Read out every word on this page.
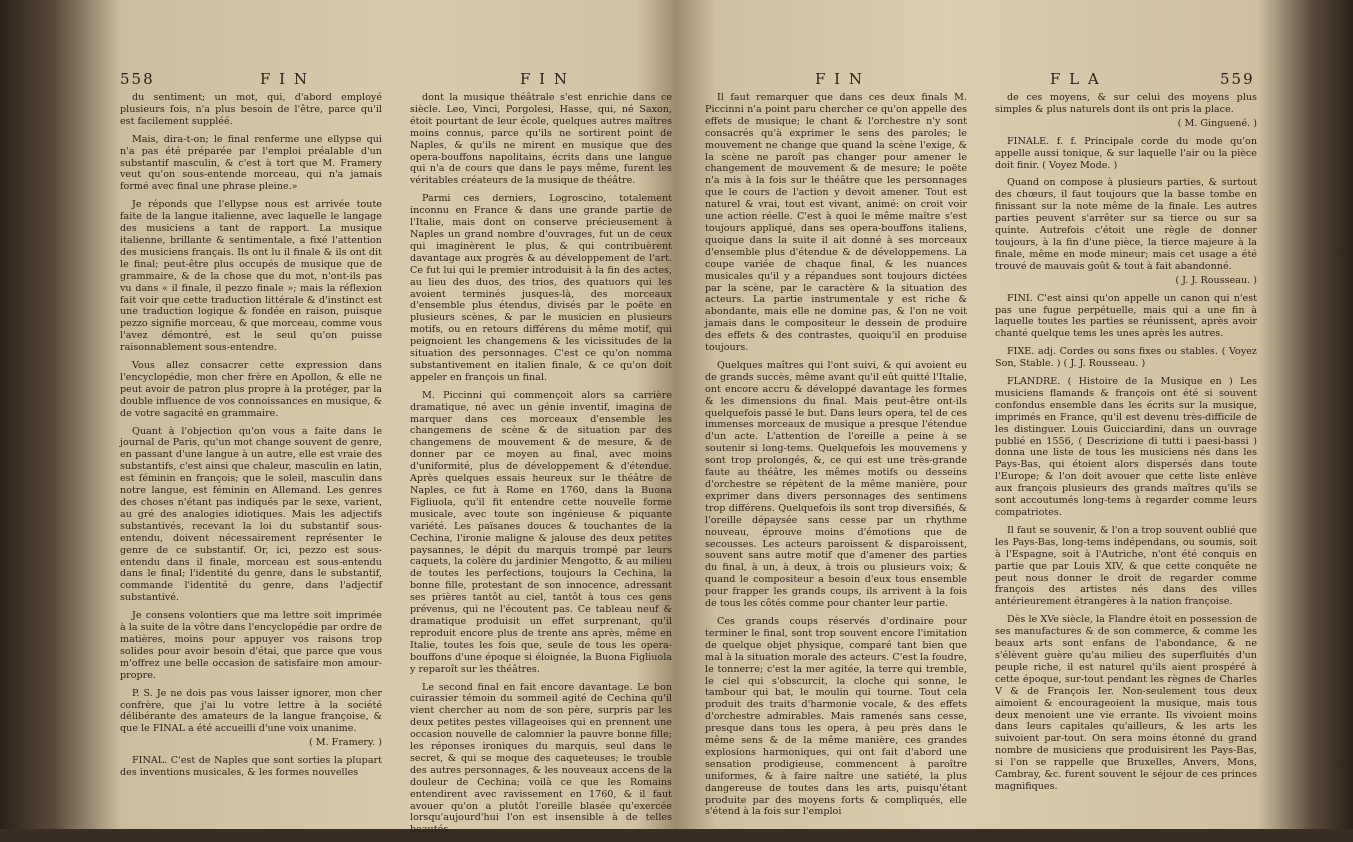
558	F I N	F I N

du sentiment; un mot, qui, d'abord employé plusieurs fois, n'a plus besoin de l'être, parce qu'il est facilement suppléé.

Mais, dira-t-on; le final renferme une ellypse qui n'a pas été préparée par l'emploi préalable d'un substantif masculin, & c'est à tort que M. Framery veut qu'on sous-entende morceau, qui n'a jamais formé avec final une phrase pleine.»

Je réponds que l'ellypse nous est arrivée toute faite de la langue italienne, avec laquelle le langage des musiciens a tant de rapport. La musique italienne, brillante & sentimentale, a fixé l'attention des musiciens français. Ils ont lu il finale & ils ont dit le final; peut-être plus occupés de musique que de grammaire, & de la chose que du mot, n'ont-ils pas vu dans « il finale, il pezzo finale »; mais la réflexion fait voir que cette traduction littérale & d'instinct est une traduction logique & fondée en raison, puisque pezzo signifie morceau, & que morceau, comme vous l'avez démontré, est le seul qu'on puisse raisonnablement sous-entendre.

Vous allez consacrer cette expression dans l'encyclopédie, mon cher frère en Apollon, & elle ne peut avoir de patron plus propre à la protéger, par la double influence de vos connoissances en musique, & de votre sagacité en grammaire.

Quant à l'objection qu'on vous a faite dans le journal de Paris, qu'un mot change souvent de genre, en passant d'une langue à un autre, elle est vraie des substantifs, c'est ainsi que chaleur, masculin en latin, est féminin en françois; que le soleil, masculin dans notre langue, est féminin en Allemand. Les genres des choses n'étant pas indiqués par le sexe, varient, au gré des analogies idiotiques. Mais les adjectifs substantivés, recevant la loi du substantif sous-entendu, doivent nécessairement représenter le genre de ce substantif. Or, ici, pezzo est sous-entendu dans il finale, morceau est sous-entendu dans le final; l'identité du genre, dans le substantif, commande l'identité du genre, dans l'adjectif substantivé.

Je consens volontiers que ma lettre soit imprimée à la suite de la vôtre dans l'encyclopédie par ordre de matières, moins pour appuyer vos raisons trop solides pour avoir besoin d'étai, que parce que vous m'offrez une belle occasion de satisfaire mon amour-propre.

P. S. Je ne dois pas vous laisser ignorer, mon cher confrère, que j'ai lu votre lettre à la société délibérante des amateurs de la langue françoise, & que le FINAL a été accueilli d'une voix unanime.

( M. Framery. )

FINAL. C'est de Naples que sont sorties la plupart des inventions musicales, & les formes nouvelles

dont la musique théâtrale s'est enrichie dans ce siècle. Leo, Vinci, Porgolesi, Hasse, qui, né Saxon, étoit pourtant de leur école, quelques autres maîtres moins connus, parce qu'ils ne sortirent point de Naples, & qu'ils ne mirent en musique que des opera-bouffons napolitains, écrits dans une langue qui n'a de cours que dans le pays même, furent les véritables créateurs de la musique de théâtre.

Parmi ces derniers, Logroscino, totalement inconnu en France & dans une grande partie de l'Italie, mais dont on conserve précieusement à Naples un grand nombre d'ouvrages, fut un de ceux qui imaginèrent le plus, & qui contribuèrent davantage aux progrès & au développement de l'art. Ce fut lui qui le premier introduisit à la fin des actes, au lieu des duos, des trios, des quatuors qui les avoient terminés jusques-là, des morceaux d'ensemble plus étendus, divisés par le poëte en plusieurs scènes, & par le musicien en plusieurs motifs, ou en retours différens du même motif, qui peignoient les changemens & les vicissitudes de la situation des personnages. C'est ce qu'on nomma substantivement en italien finale, & ce qu'on doit appeler en françois un final.

M. Piccinni qui commençoit alors sa carrière dramatique, né avec un génie inventif, imagina de marquer dans ces morceaux d'ensemble les changemens de scène & de situation par des changemens de mouvement & de mesure, & de donner par ce moyen au final, avec moins d'uniformité, plus de développement & d'étendue. Après quelques essais heureux sur le théâtre de Naples, ce fut à Rome en 1760, dans la Buona Figliuola, qu'il fit entendre cette nouvelle forme musicale, avec toute son ingénieuse & piquante variété. Les païsanes douces & touchantes de la Cechina, l'ironie maligne & jalouse des deux petites paysannes, le dépit du marquis trompé par leurs caquets, la colère du jardinier Mengotto, & au milieu de toutes les perfections, toujours la Cechina, la bonne fille, protestant de son innocence, adressant ses prières tantôt au ciel, tantôt à tous ces gens prévenus, qui ne l'écoutent pas. Ce tableau neuf & dramatique produisit un effet surprenant, qu'il reproduit encore plus de trente ans après, même en Italie, toutes les fois que, seule de tous les opera-bouffons d'une époque si éloignée, la Buona Figliuola y reparoît sur les théâtres.

Le second final en fait encore davantage. Le bon cuirassier témoin du sommeil agité de Cechina qu'il vient chercher au nom de son père, surpris par les deux petites pestes villageoises qui en prennent une occasion nouvelle de calomnier la pauvre bonne fille; les réponses ironiques du marquis, seul dans le secret, & qui se moque des caqueteuses; le trouble des autres personnages, & les nouveaux accens de la douleur de Cechina; voilà ce que les Romains entendirent avec ravissement en 1760, & il faut avouer qu'on a plutôt l'oreille blasée qu'exercée lorsqu'aujourd'hui l'on est insensible à de telles beautés.

F I N	F L A	559

Il faut remarquer que dans ces deux finals M. Piccinni n'a point paru chercher ce qu'on appelle des effets de musique; le chant & l'orchestre n'y sont consacrés qu'à exprimer le sens des paroles; le mouvement ne change que quand la scène l'exige, & la scène ne paroît pas changer pour amener le changement de mouvement & de mesure; le poëte n'a mis à la fois sur le théâtre que les personnages que le cours de l'action y devoit amener. Tout est naturel & vrai, tout est vivant, animé: on croit voir une action réelle. C'est à quoi le même maître s'est toujours appliqué, dans ses opera-bouffons italiens, quoique dans la suite il ait donné à ses morceaux d'ensemble plus d'étendue & de développemens. La coupe variée de chaque final, & les nuances musicales qu'il y a répandues sont toujours dictées par la scène, par le caractère & la situation des acteurs. La partie instrumentale y est riche & abondante, mais elle ne domine pas, & l'on ne voit jamais dans le compositeur le dessein de produire des effets & des contrastes, quoiqu'il en produise toujours.

Quelques maîtres qui l'ont suivi, & qui avoient eu de grands succès, même avant qu'il eût quitté l'Italie, ont encore accru & développé davantage les formes & les dimensions du final. Mais peut-être ont-ils quelquefois passé le but. Dans leurs opera, tel de ces immenses morceaux de musique a presque l'étendue d'un acte. L'attention de l'oreille a peine à se soutenir si long-tems. Quelquefois les mouvemens y sont trop prolongés, &, ce qui est une très-grande faute au théâtre, les mêmes motifs ou desseins d'orchestre se répètent de la même manière, pour exprimer dans divers personnages des sentimens trop différens. Quelquefois ils sont trop diversifiés, & l'oreille dépaysée sans cesse par un rhythme nouveau, éprouve moins d'émotions que de secousses. Les acteurs paroissent & disparoissent, souvent sans autre motif que d'amener des parties du final, à un, à deux, à trois ou plusieurs voix; & quand le compositeur a besoin d'eux tous ensemble pour frapper les grands coups, ils arrivent à la fois de tous les côtés comme pour chanter leur partie.

Ces grands coups réservés d'ordinaire pour terminer le final, sont trop souvent encore l'imitation de quelque objet physique, comparé tant bien que mal à la situation morale des acteurs. C'est la foudre, le tonnerre; c'est la mer agitée, la terre qui tremble, le ciel qui s'obscurcit, la cloche qui sonne, le tambour qui bat, le moulin qui tourne. Tout cela produit des traits d'harmonie vocale, & des effets d'orchestre admirables. Mais ramenés sans cesse, presque dans tous les opera, à peu près dans le même sens & de la même manière, ces grandes explosions harmoniques, qui ont fait d'abord une sensation prodigieuse, commencent à paroître uniformes, & à faire naître une satiété, la plus dangereuse de toutes dans les arts, puisqu'étant produite par des moyens forts & compliqués, elle s'étend à la fois sur l'emploi

de ces moyens, & sur celui des moyens plus simples & plus naturels dont ils ont pris la place.

( M. Ginguené. )

FINALE. f. f. Principale corde du mode qu'on appelle aussi tonique, & sur laquelle l'air ou la pièce doit finir. ( Voyez Mode. )

Quand on compose à plusieurs parties, & surtout des chœurs, il faut toujours que la basse tombe en finissant sur la note même de la finale. Les autres parties peuvent s'arrêter sur sa tierce ou sur sa quinte. Autrefois c'étoit une règle de donner toujours, à la fin d'une pièce, la tierce majeure à la finale, même en mode mineur; mais cet usage a été trouvé de mauvais goût & tout à fait abandonné.

( J. J. Rousseau. )

FINI. C'est ainsi qu'on appelle un canon qui n'est pas une fugue perpétuelle, mais qui a une fin à laquelle toutes les parties se réunissent, après avoir chanté quelque tems les unes après les autres.

FIXE. adj. Cordes ou sons fixes ou stables. ( Voyez Son, Stable. ) ( J. J. Rousseau. )

FLANDRE. ( Histoire de la Musique en ) Les musiciens flamands & françois ont été si souvent confondus ensemble dans les écrits sur la musique, imprimés en France, qu'il est devenu très-difficile de les distinguer. Louis Guicciardini, dans un ouvrage publié en 1556, ( Descrizione di tutti i paesi-bassi ) donna une liste de tous les musiciens nés dans les Pays-Bas, qui étoient alors dispersés dans toute l'Europe; & l'on doit avouer que cette liste enlève aux françois plusieurs des grands maîtres qu'ils se sont accoutumés long-tems à regarder comme leurs compatriotes.

Il faut se souvenir, & l'on a trop souvent oublié que les Pays-Bas, long-tems indépendans, ou soumis, soit à l'Espagne, soit à l'Autriche, n'ont été conquis en partie que par Louis XIV, & que cette conquête ne peut nous donner le droit de regarder comme françois des artistes nés dans des villes antérieurement étrangères à la nation françoise.

Dès le XVe siècle, la Flandre étoit en possession de ses manufactures & de son commerce, & comme les beaux arts sont enfans de l'abondance, & ne s'élèvent guère qu'au milieu des superfluités d'un peuple riche, il est naturel qu'ils aient prospéré à cette époque, sur-tout pendant les règnes de Charles V & de François Ier. Non-seulement tous deux aimoient & encourageoient la musique, mais tous deux menoient une vie errante. Ils vivoient moins dans leurs capitales qu'ailleurs, & les arts les suivoient par-tout. On sera moins étonné du grand nombre de musiciens que produisirent les Pays-Bas, si l'on se rappelle que Bruxelles, Anvers, Mons, Cambray, &c. furent souvent le séjour de ces princes magnifiques.
